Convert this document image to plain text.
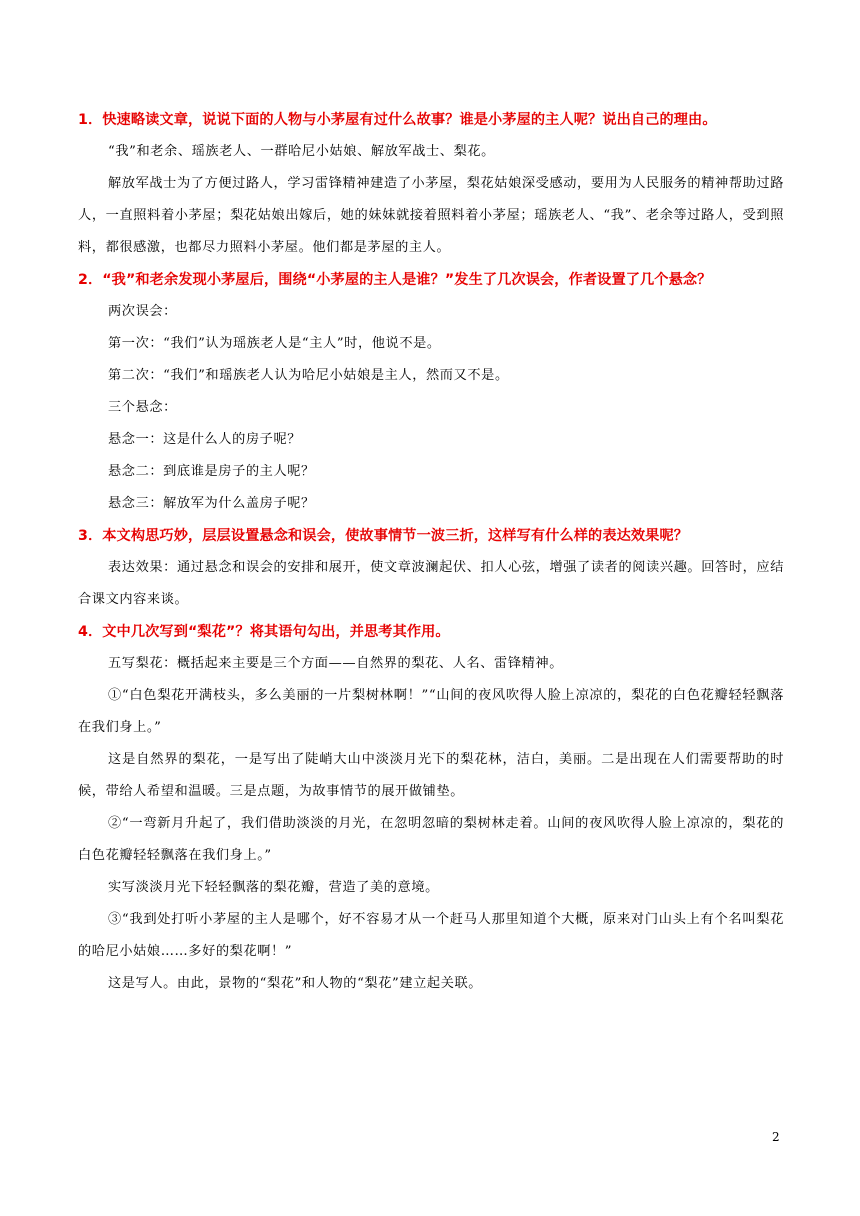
1．快速略读文章，说说下面的人物与小茅屋有过什么故事？谁是小茅屋的主人呢？说出自己的理由。
“我”和老余、瑶族老人、一群哈尼小姑娘、解放军战士、梨花。
解放军战士为了方便过路人，学习雷锋精神建造了小茅屋，梨花姑娘深受感动，要用为人民服务的精神帮助过路人，一直照料着小茅屋；梨花姑娘出嫁后，她的妹妹就接着照料着小茅屋；瑶族老人、“我”、老余等过路人，受到照料，都很感激，也都尽力照料小茅屋。他们都是茅屋的主人。
2．“我”和老余发现小茅屋后，围绕“小茅屋的主人是谁？”发生了几次误会，作者设置了几个悬念？
两次误会：
第一次：“我们”认为瑶族老人是“主人”时，他说不是。
第二次：“我们”和瑶族老人认为哈尼小姑娘是主人，然而又不是。
三个悬念：
悬念一：这是什么人的房子呢？
悬念二：到底谁是房子的主人呢？
悬念三：解放军为什么盖房子呢？
3．本文构思巧妙，层层设置悬念和误会，使故事情节一波三折，这样写有什么样的表达效果呢？
表达效果：通过悬念和误会的安排和展开，使文章波澜起伏、扣人心弦，增强了读者的阅读兴趣。回答时，应结合课文内容来谈。
4．文中几次写到“梨花”？将其语句勾出，并思考其作用。
五写梨花：概括起来主要是三个方面——自然界的梨花、人名、雷锋精神。
①“白色梨花开满枝头，多么美丽的一片梨树林啊！”“山间的夜风吹得人脸上凉凉的，梨花的白色花瓣轻轻飘落在我们身上。”
这是自然界的梨花，一是写出了陡峭大山中淡淡月光下的梨花林，洁白，美丽。二是出现在人们需要帮助的时候，带给人希望和温暖。三是点题，为故事情节的展开做铺垫。
②“一弯新月升起了，我们借助淡淡的月光，在忽明忽暗的梨树林走着。山间的夜风吹得人脸上凉凉的，梨花的白色花瓣轻轻飘落在我们身上。”
实写淡淡月光下轻轻飘落的梨花瓣，营造了美的意境。
③“我到处打听小茅屋的主人是哪个，好不容易才从一个赶马人那里知道个大概，原来对门山头上有个名叫梨花的哈尼小姑娘……多好的梨花啊！”
这是写人。由此，景物的“梨花”和人物的“梨花”建立起关联。
2
